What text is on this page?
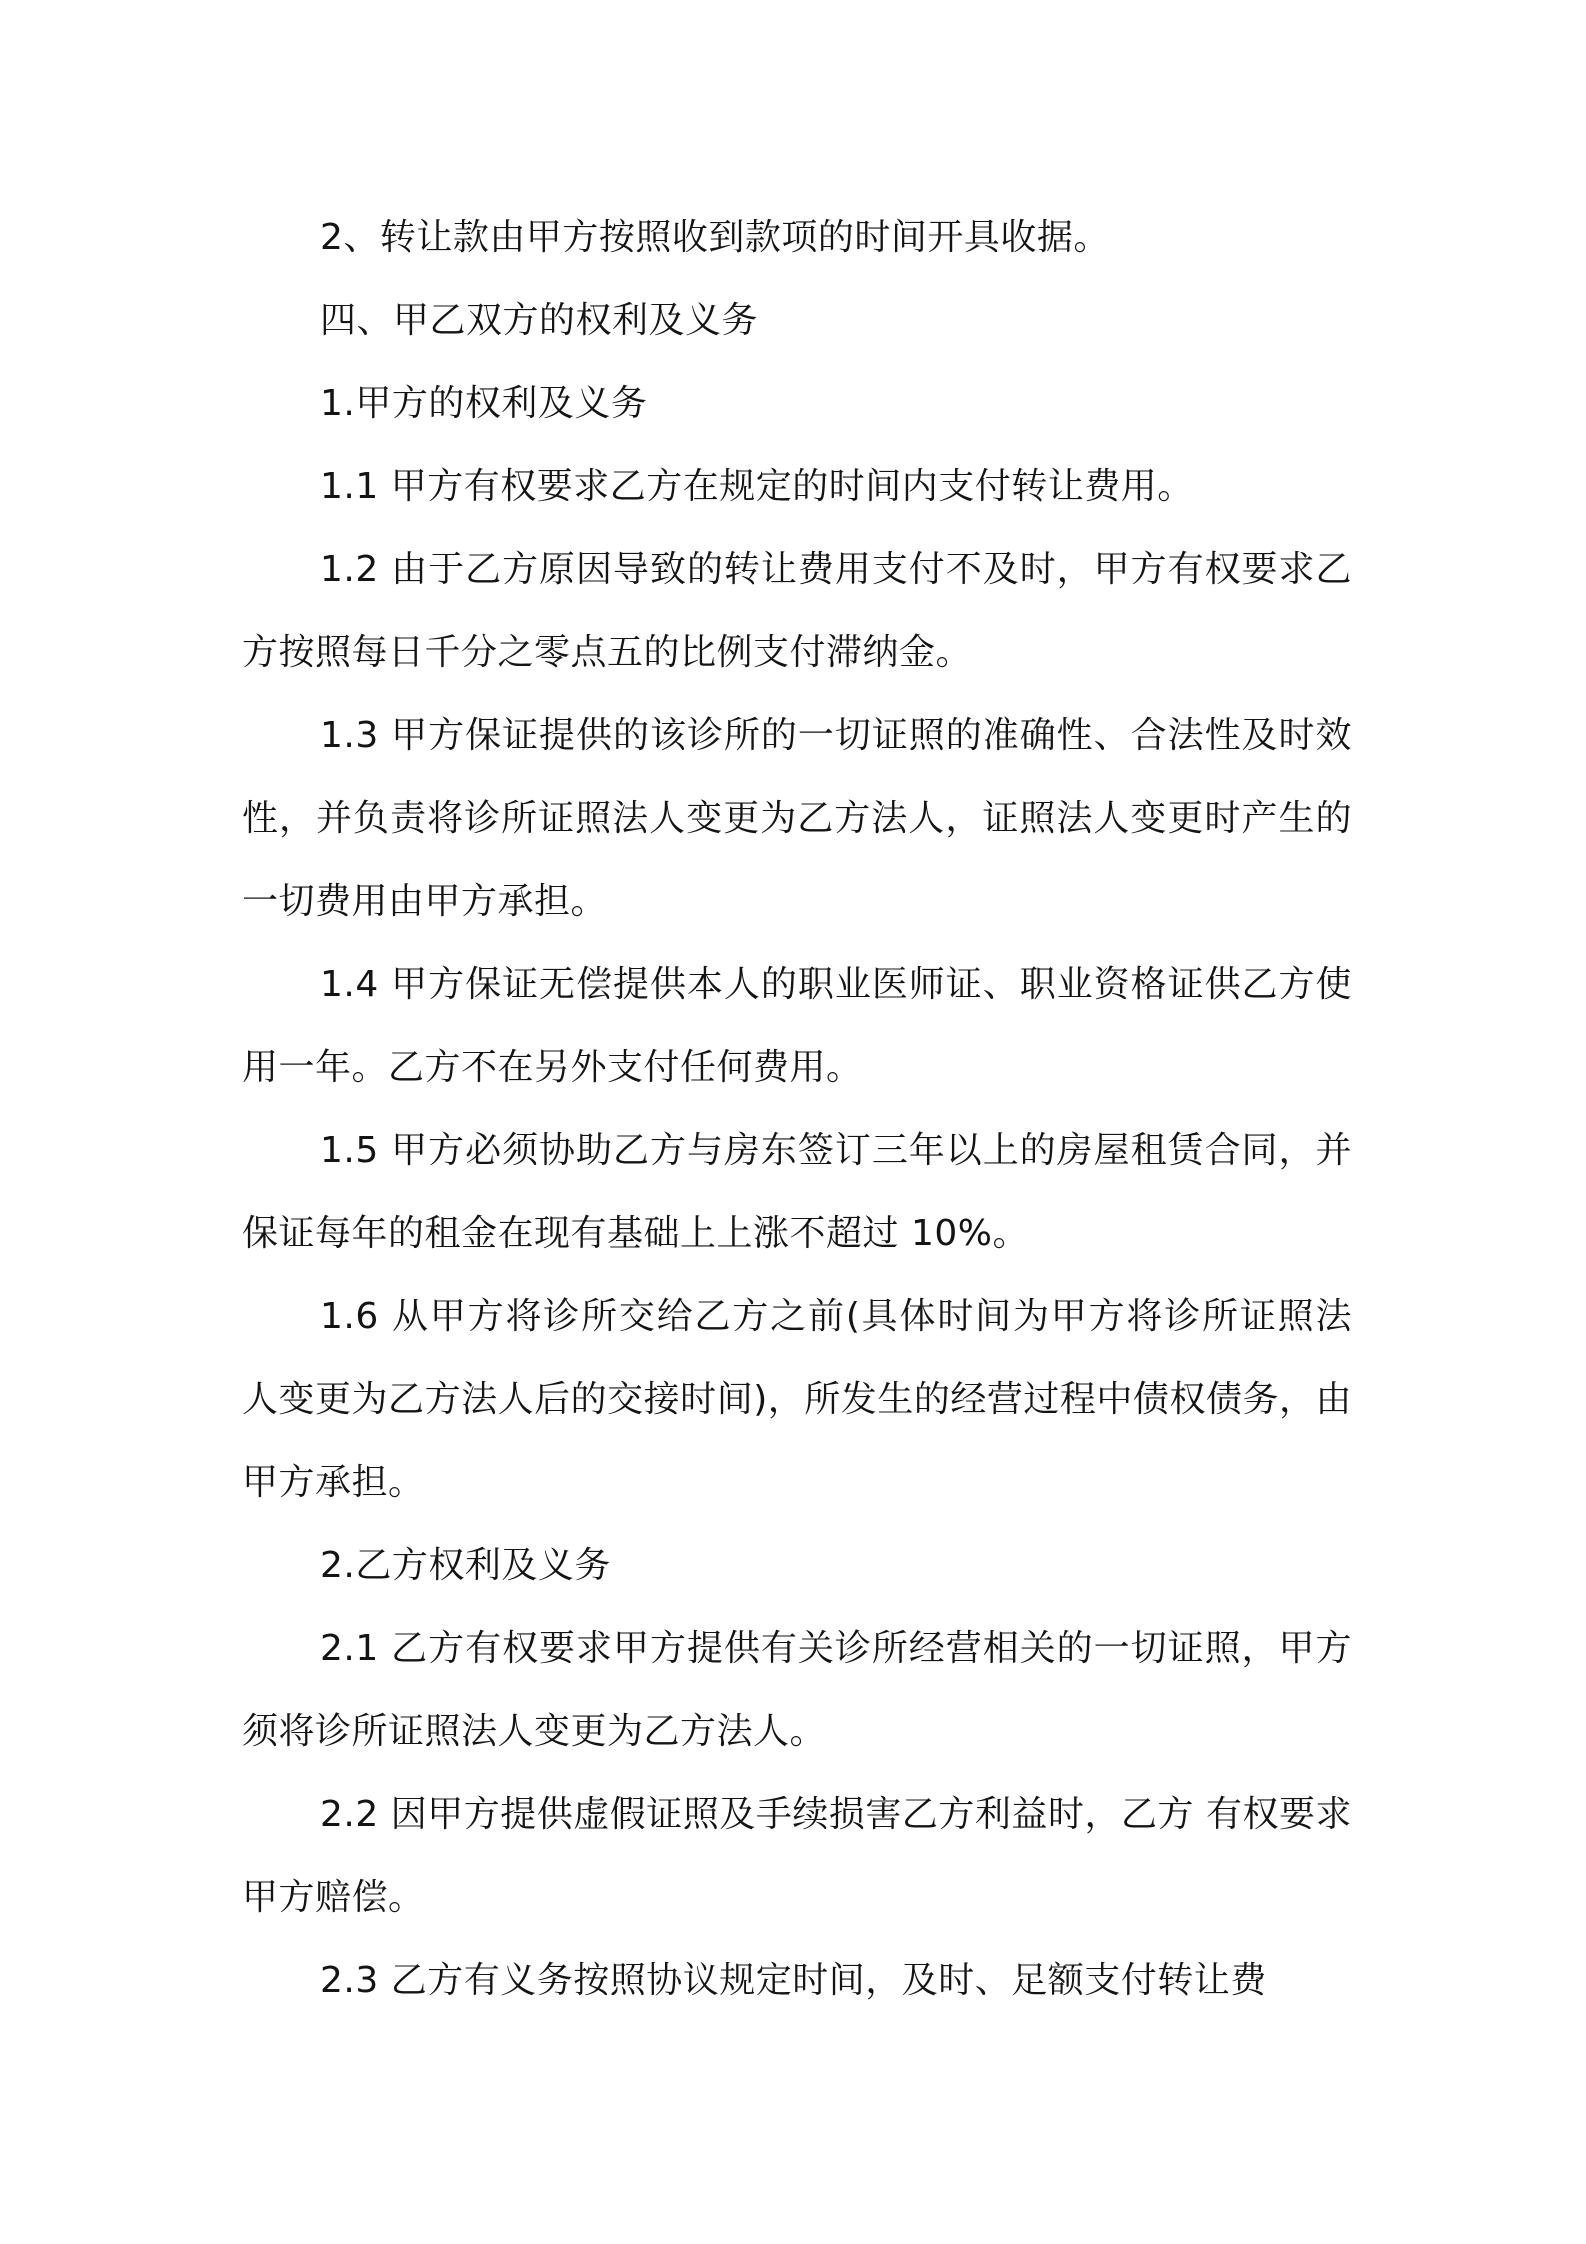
2、转让款由甲方按照收到款项的时间开具收据。

四、甲乙双方的权利及义务

1.甲方的权利及义务

1.1 甲方有权要求乙方在规定的时间内支付转让费用。

1.2 由于乙方原因导致的转让费用支付不及时，甲方有权要求乙方按照每日千分之零点五的比例支付滞纳金。

1.3 甲方保证提供的该诊所的一切证照的准确性、合法性及时效性，并负责将诊所证照法人变更为乙方法人，证照法人变更时产生的一切费用由甲方承担。

1.4 甲方保证无偿提供本人的职业医师证、职业资格证供乙方使用一年。乙方不在另外支付任何费用。

1.5 甲方必须协助乙方与房东签订三年以上的房屋租赁合同，并保证每年的租金在现有基础上上涨不超过 10%。

1.6 从甲方将诊所交给乙方之前(具体时间为甲方将诊所证照法人变更为乙方法人后的交接时间)，所发生的经营过程中债权债务，由甲方承担。

2.乙方权利及义务

2.1 乙方有权要求甲方提供有关诊所经营相关的一切证照，甲方须将诊所证照法人变更为乙方法人。

2.2 因甲方提供虚假证照及手续损害乙方利益时，乙方 有权要求甲方赔偿。

2.3 乙方有义务按照协议规定时间，及时、足额支付转让费
